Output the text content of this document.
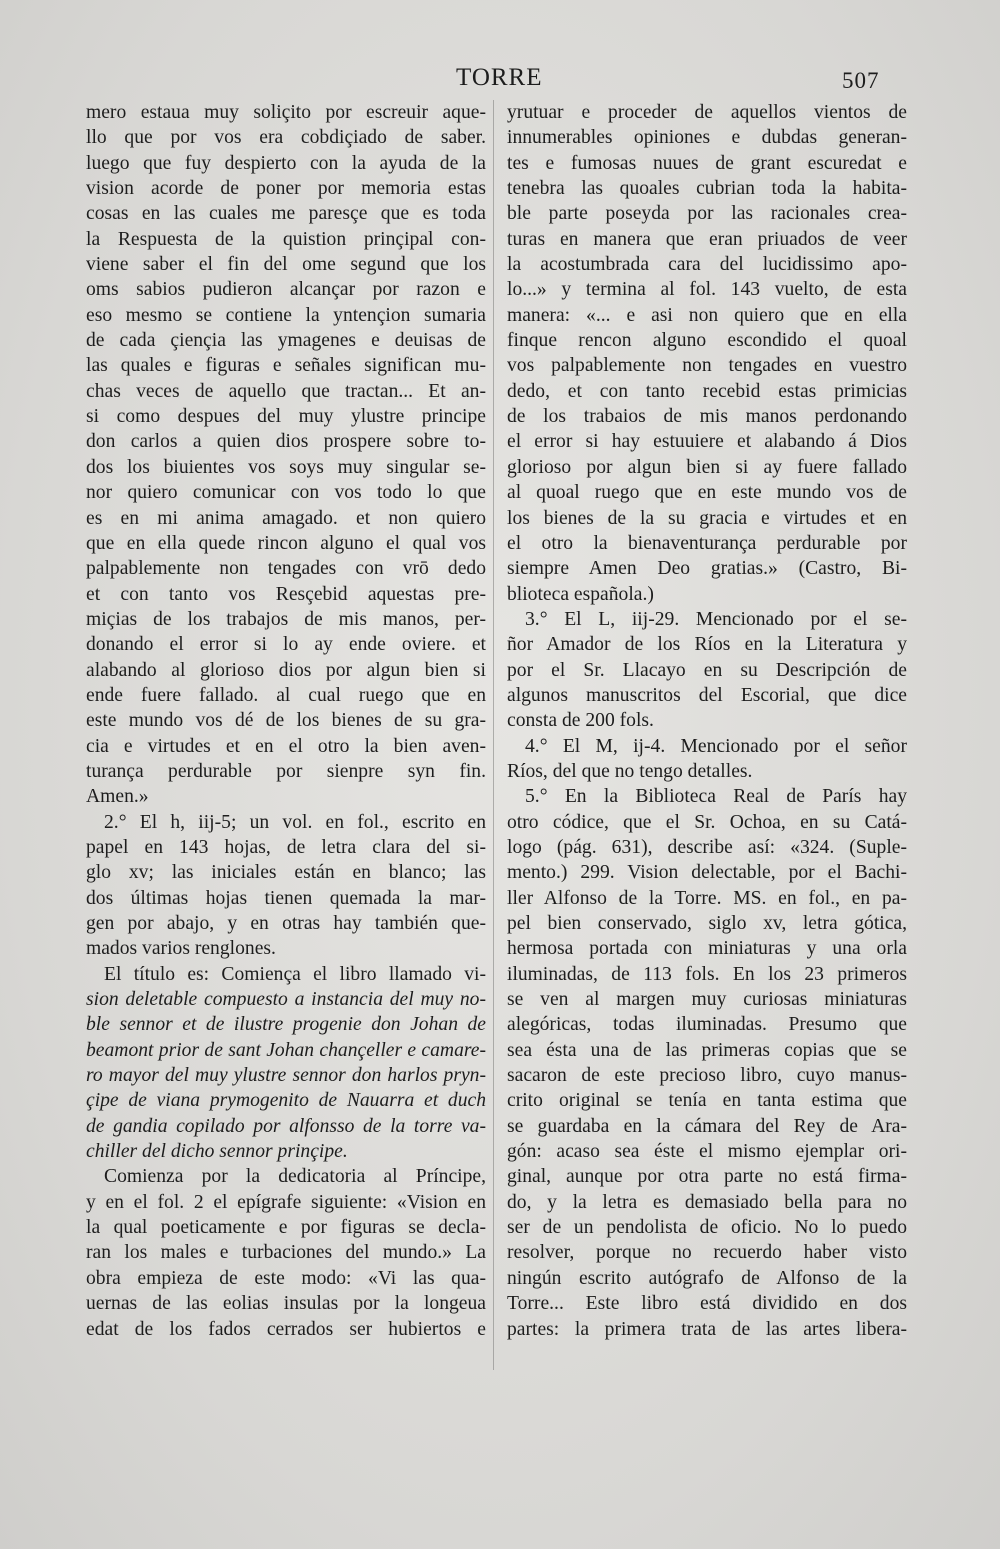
TORRE	507
mero estaua muy soliçito por escreuir aque-
llo que por vos era cobdiçiado de saber.
luego que fuy despierto con la ayuda de la
vision acorde de poner por memoria estas
cosas en las cuales me paresçe que es toda
la Respuesta de la quistion prinçipal con-
viene saber el fin del ome segund que los
oms sabios pudieron alcançar por razon e
eso mesmo se contiene la yntençion sumaria
de cada çiençia las ymagenes e deuisas de
las quales e figuras e señales significan mu-
chas veces de aquello que tractan... Et an-
si como despues del muy ylustre principe
don carlos a quien dios prospere sobre to-
dos los biuientes vos soys muy singular se-
nor quiero comunicar con vos todo lo que
es en mi anima amagado. et non quiero
que en ella quede rincon alguno el qual vos
palpablemente non tengades con vrō dedo
et con tanto vos Resçebid aquestas pre-
miçias de los trabajos de mis manos, per-
donando el error si lo ay ende oviere. et
alabando al glorioso dios por algun bien si
ende fuere fallado. al cual ruego que en
este mundo vos dé de los bienes de su gra-
cia e virtudes et en el otro la bien aven-
turança perdurable por sienpre syn fin.
Amen.»
2.° El h, iij-5; un vol. en fol., escrito en
papel en 143 hojas, de letra clara del si-
glo xv; las iniciales están en blanco; las
dos últimas hojas tienen quemada la mar-
gen por abajo, y en otras hay también que-
mados varios renglones.
El título es: Comiença el libro llamado vi-
sion deletable compuesto a instancia del muy no-
ble sennor et de ilustre progenie don Johan de
beamont prior de sant Johan chançeller e camare-
ro mayor del muy ylustre sennor don harlos pryn-
çipe de viana prymogenito de Nauarra et duch
de gandia copilado por alfonsso de la torre va-
chiller del dicho sennor prinçipe.
Comienza por la dedicatoria al Príncipe,
y en el fol. 2 el epígrafe siguiente: «Vision en
la qual poeticamente e por figuras se decla-
ran los males e turbaciones del mundo.» La
obra empieza de este modo: «Vi las qua-
uernas de las eolias insulas por la longeua
edat de los fados cerrados ser hubiertos e
yrutuar e proceder de aquellos vientos de
innumerables opiniones e dubdas generan-
tes e fumosas nuues de grant escuredat e
tenebra las quoales cubrian toda la habita-
ble parte poseyda por las racionales crea-
turas en manera que eran priuados de veer
la acostumbrada cara del lucidissimo apo-
lo...» y termina al fol. 143 vuelto, de esta
manera: «... e asi non quiero que en ella
finque rencon alguno escondido el quoal
vos palpablemente non tengades en vuestro
dedo, et con tanto recebid estas primicias
de los trabaios de mis manos perdonando
el error si hay estuuiere et alabando á Dios
glorioso por algun bien si ay fuere fallado
al quoal ruego que en este mundo vos de
los bienes de la su gracia e virtudes et en
el otro la bienaventurança perdurable por
siempre Amen Deo gratias.» (Castro, Bi-
blioteca española.)
3.° El L, iij-29. Mencionado por el se-
ñor Amador de los Ríos en la Literatura y
por el Sr. Llacayo en su Descripción de
algunos manuscritos del Escorial, que dice
consta de 200 fols.
4.° El M, ij-4. Mencionado por el señor
Ríos, del que no tengo detalles.
5.° En la Biblioteca Real de París hay
otro códice, que el Sr. Ochoa, en su Catá-
logo (pág. 631), describe así: «324. (Suple-
mento.) 299. Vision delectable, por el Bachi-
ller Alfonso de la Torre. MS. en fol., en pa-
pel bien conservado, siglo xv, letra gótica,
hermosa portada con miniaturas y una orla
iluminadas, de 113 fols. En los 23 primeros
se ven al margen muy curiosas miniaturas
alegóricas, todas iluminadas. Presumo que
sea ésta una de las primeras copias que se
sacaron de este precioso libro, cuyo manus-
crito original se tenía en tanta estima que
se guardaba en la cámara del Rey de Ara-
gón: acaso sea éste el mismo ejemplar ori-
ginal, aunque por otra parte no está firma-
do, y la letra es demasiado bella para no
ser de un pendolista de oficio. No lo puedo
resolver, porque no recuerdo haber visto
ningún escrito autógrafo de Alfonso de la
Torre... Este libro está dividido en dos
partes: la primera trata de las artes libera-
